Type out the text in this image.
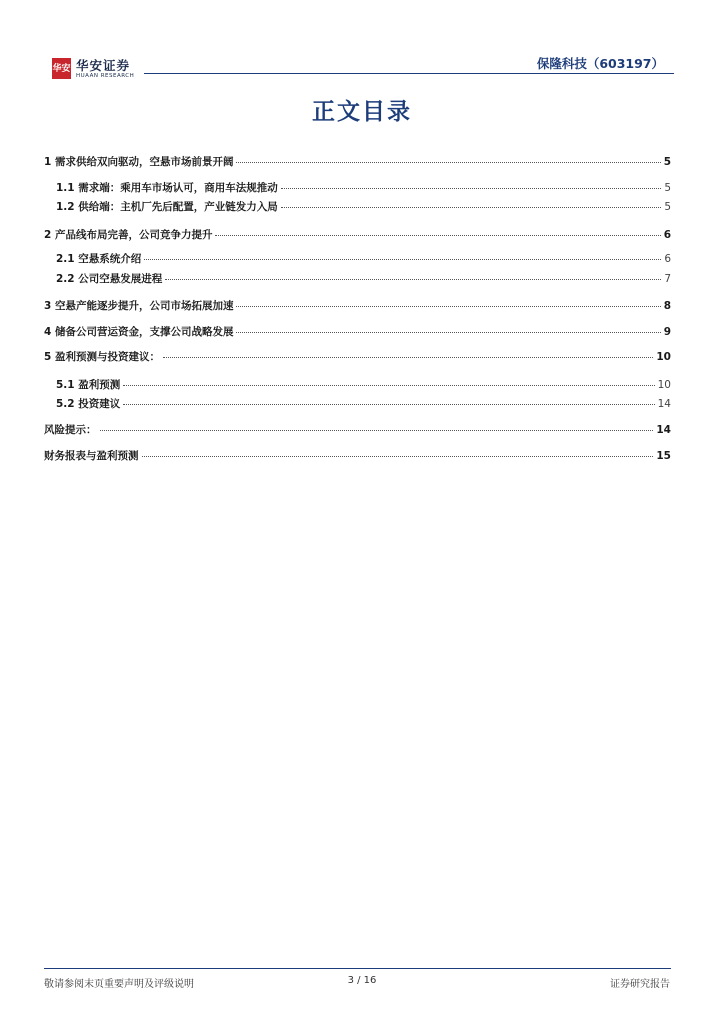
华安 华安证券
HUAAN RESEARCH
保隆科技（603197）
正文目录
1 需求供给双向驱动，空悬市场前景开阔	5
1.1 需求端：乘用车市场认可，商用车法规推动	5
1.2 供给端：主机厂先后配置，产业链发力入局	5
2 产品线布局完善，公司竞争力提升	6
2.1 空悬系统介绍	6
2.2 公司空悬发展进程	7
3 空悬产能逐步提升，公司市场拓展加速	8
4 储备公司营运资金，支撑公司战略发展	9
5 盈利预测与投资建议：	10
5.1 盈利预测	10
5.2 投资建议	14
风险提示：	14
财务报表与盈利预测	15
敬请参阅末页重要声明及评级说明	3 / 16	证券研究报告
